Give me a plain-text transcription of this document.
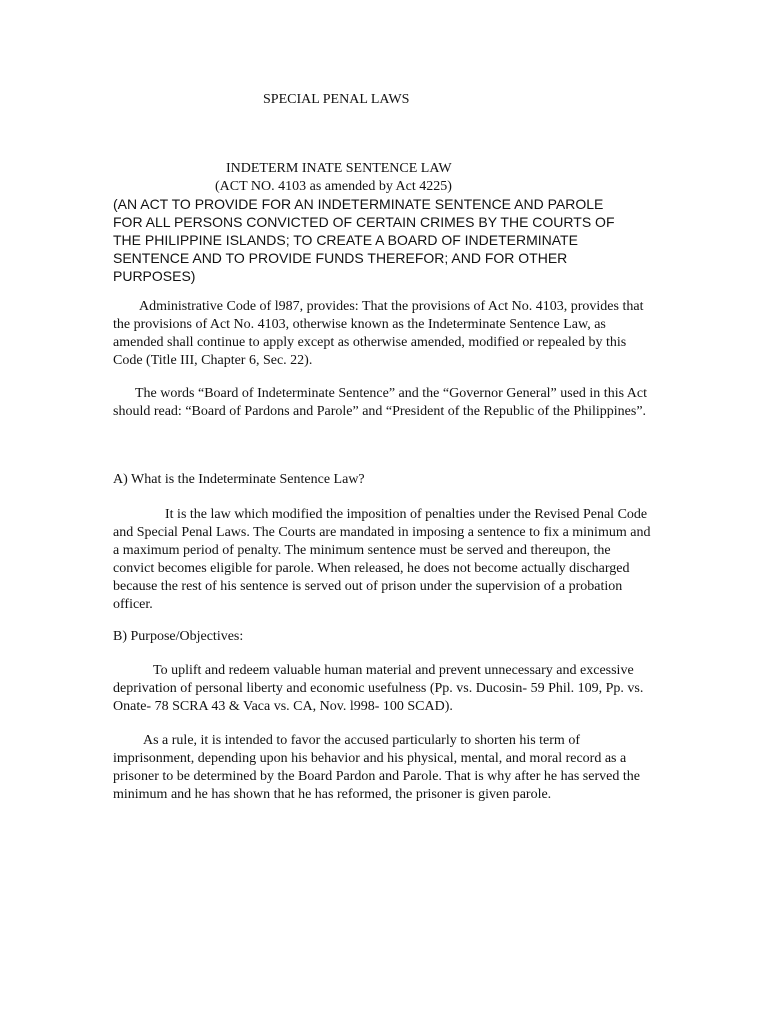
SPECIAL PENAL LAWS
INDETERM INATE SENTENCE LAW
(ACT NO. 4103 as amended by Act 4225)
(AN ACT TO PROVIDE FOR AN INDETERMINATE SENTENCE AND PAROLE FOR ALL PERSONS CONVICTED OF CERTAIN CRIMES BY THE COURTS OF THE PHILIPPINE ISLANDS; TO CREATE A BOARD OF INDETERMINATE SENTENCE AND TO PROVIDE FUNDS THEREFOR; AND FOR OTHER PURPOSES)

Administrative Code of l987, provides: That the provisions of Act No. 4103, provides that the provisions of Act No. 4103, otherwise known as the Indeterminate Sentence Law, as amended shall continue to apply except as otherwise amended, modified or repealed by this Code (Title III, Chapter 6, Sec. 22).

The words “Board of Indeterminate Sentence” and the “Governor General” used in this Act should read: “Board of Pardons and Parole” and “President of the Republic of the Philippines”.

A) What is the Indeterminate Sentence Law?

It is the law which modified the imposition of penalties under the Revised Penal Code and Special Penal Laws. The Courts are mandated in imposing a sentence to fix a minimum and a maximum period of penalty. The minimum sentence must be served and thereupon, the convict becomes eligible for parole. When released, he does not become actually discharged because the rest of his sentence is served out of prison under the supervision of a probation officer.

B) Purpose/Objectives:

To uplift and redeem valuable human material and prevent unnecessary and excessive deprivation of personal liberty and economic usefulness (Pp. vs. Ducosin- 59 Phil. 109, Pp. vs. Onate- 78 SCRA 43 & Vaca vs. CA, Nov. l998- 100 SCAD).

As a rule, it is intended to favor the accused particularly to shorten his term of imprisonment, depending upon his behavior and his physical, mental, and moral record as a prisoner to be determined by the Board Pardon and Parole. That is why after he has served the minimum and he has shown that he has reformed, the prisoner is given parole.
